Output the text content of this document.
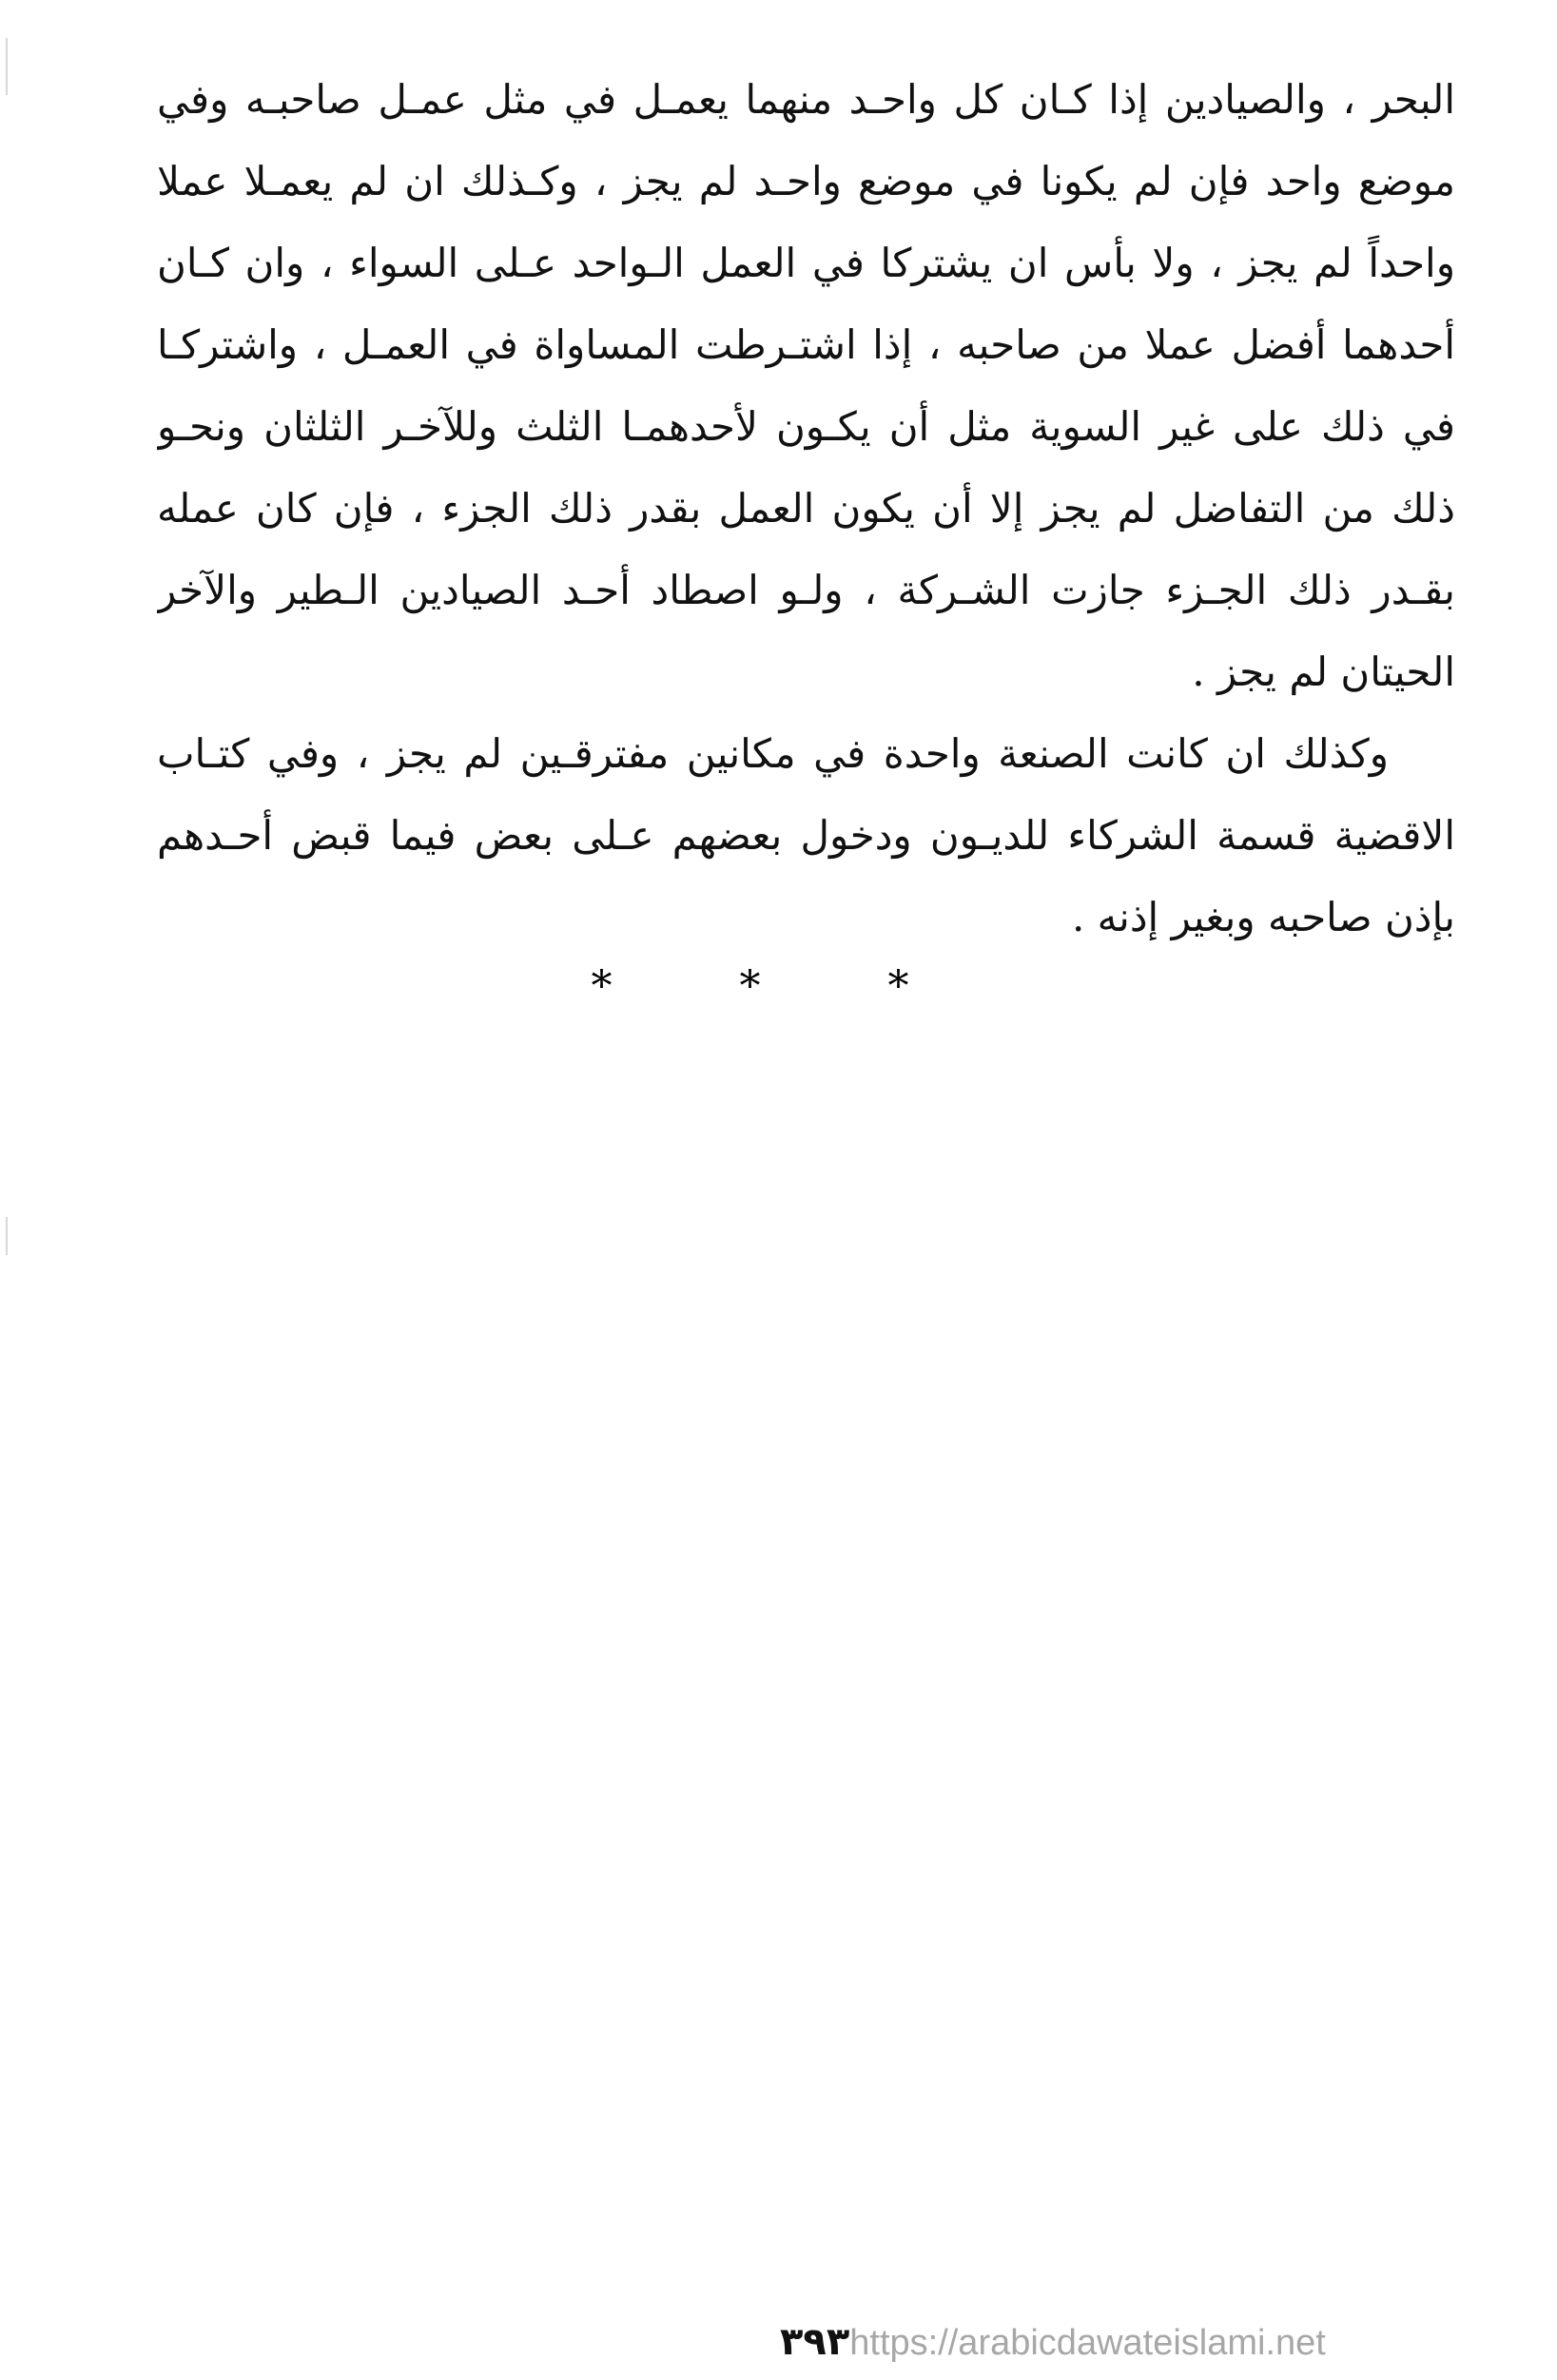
البحر ، والصيادين إذا كـان كل واحـد منهما يعمـل في مثل عمـل صاحبـه وفي
موضع واحد فإن لم يكونا في موضع واحـد لم يجز ، وكـذلك ان لم يعمـلا عملا
واحداً لم يجز ، ولا بأس ان يشتركا في العمل الـواحد عـلى السواء ، وان كـان
أحدهما أفضل عملا من صاحبه ، إذا اشتـرطت المساواة في العمـل ، واشتركـا
في ذلك على غير السوية مثل أن يكـون لأحدهمـا الثلث وللآخـر الثلثان ونحـو
ذلك من التفاضل لم يجز إلا أن يكون العمل بقدر ذلك الجزء ، فإن كان عمله
بقـدر ذلك الجـزء جازت الشـركة ، ولـو اصطاد أحـد الصيادين الـطير والآخر
الحيتان لم يجز .
وكذلك ان كانت الصنعة واحدة في مكانين مفترقـين لم يجز ، وفي كتـاب
الاقضية قسمة الشركاء للديـون ودخول بعضهم عـلى بعض فيما قبض أحـدهم
بإذن صاحبه وبغير إذنه .
* * *
٣٩٣https://arabicdawateislami.net
